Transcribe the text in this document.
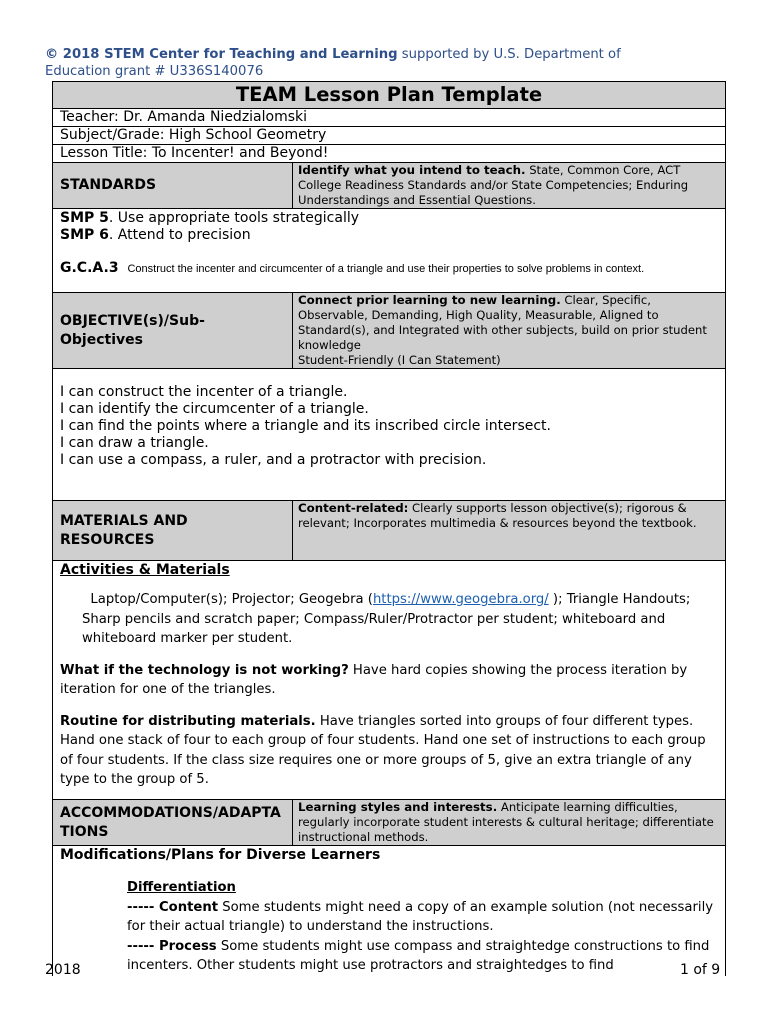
© 2018 STEM Center for Teaching and Learning supported by U.S. Department of Education grant # U336S140076
TEAM Lesson Plan Template	
Teacher: Dr. Amanda Niedzialomski	
Subject/Grade: High School Geometry	
Lesson Title: To Incenter! and Beyond!	
STANDARDS	Identify what you intend to teach. State, Common Core, ACT College Readiness Standards and/or State Competencies; Enduring Understandings and Essential Questions.

SMP 5. Use appropriate tools strategically
SMP 6. Attend to precision
G.C.A.3 Construct the incenter and circumcenter of a triangle and use their properties to solve problems in context.	

OBJECTIVE(s)/Sub-Objectives	Connect prior learning to new learning. Clear, Specific, Observable, Demanding, High Quality, Measurable, Aligned to Standard(s), and Integrated with other subjects, build on prior student knowledge
Student-Friendly (I Can Statement)

I can construct the incenter of a triangle.
I can identify the circumcenter of a triangle.
I can find the points where a triangle and its inscribed circle intersect.
I can draw a triangle.
I can use a compass, a ruler, and a protractor with precision.	

MATERIALS AND RESOURCES	Content-related: Clearly supports lesson objective(s); rigorous & relevant; Incorporates multimedia & resources beyond the textbook.

Activities & Materials
Laptop/Computer(s); Projector; Geogebra (https://www.geogebra.org/ ); Triangle Handouts; Sharp pencils and scratch paper; Compass/Ruler/Protractor per student; whiteboard and whiteboard marker per student.
What if the technology is not working? Have hard copies showing the process iteration by iteration for one of the triangles.
Routine for distributing materials. Have triangles sorted into groups of four different types. Hand one stack of four to each group of four students. Hand one set of instructions to each group of four students. If the class size requires one or more groups of 5, give an extra triangle of any type to the group of 5.	

ACCOMMODATIONS/ADAPTATIONS	Learning styles and interests. Anticipate learning difficulties, regularly incorporate student interests & cultural heritage; differentiate instructional methods.

Modifications/Plans for Diverse Learners
Differentiation
----- Content Some students might need a copy of an example solution (not necessarily for their actual triangle) to understand the instructions.
----- Process Some students might use compass and straightedge constructions to find incenters. Other students might use protractors and straightedges to find	
2018	1 of 9
